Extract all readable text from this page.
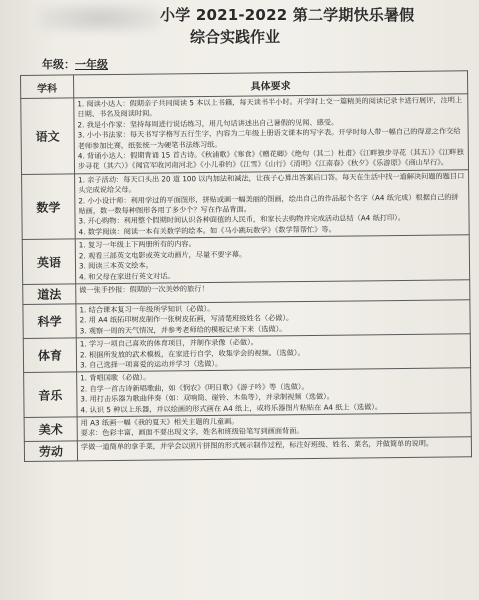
小学 2021-2022 第二学期快乐暑假
综合实践作业
年级：一年级
学科	具体要求
语文	1. 阅读小达人：假期亲子共同阅读 5 本以上书籍，每天读书半小时。开学时上交一篇精美的阅读记录卡进行展评，注明上日期、书名及阅读时间。

2. 我是小作家：坚持每周进行说话练习，用几句话讲述出自己暑假的见闻、感受。

3. 小小书法家：每天书写字格写五行生字，内容为二年级上册语文课本的写字表。开学时每人带一幅自己的得意之作交给老师参加比赛，纸张统一为硬笔书法练习纸。

4. 背诵小达人：假期背诵 15 首古诗。《秋浦歌》《寒食》《赠花卿》《绝句（其二）杜甫》《江畔独步寻花（其五）》《江畔独步寻花（其六）》《闻官军收河南河北》《小儿垂钓》《江雪》《山行》《清明》《江南春》《秋夕》《乐游原》《商山早行》。

数学	1. 亲子活动：每天口头出 20 道 100 以内加法和减法，让孩子心算出答案后口答。每天在生活中找一道解决问题的题目口头完成说给父母。

2. 小小设计师：利用学过的平面图形，拼贴或画一幅美丽的图画，绘出自己的作品起个名字（A4 纸完成）根据自己的拼贴画，数一数每种图形各用了多少个？写在作品背面。

3. 开心购物：利用整个假期时间认识各种面值的人民币，和家长去购物并完成活动总结（A4 纸打印）。

4. 数学阅读：阅读一本有关数学的绘本。如《马小跳玩数学》《数学帮帮忙》等。

英语	1. 复习一年级上下两册所有的内容。

2. 观看三部英文电影或英文动画片，尽量不要字幕。

3. 阅读三本英文绘本。

4. 和父母在家进行英文对话。

道法	做一张手抄报：假期的一次美妙的旅行！

科学	1. 结合课本复习一年级所学知识（必做）。

2. 用 A4 纸拓印树皮制作一张树皮拓画，写清楚班级姓名（必做）。

3. 观察一周的天气情况，并参考老师给的模板记录下来（选做）。

体育	1. 学习一项自己喜欢的体育项目，并制作录像（必做）。

2. 根据所发放的武术模板，在家进行自学，收集学会的视频。（选做）。

3. 自己选择一项喜爱的运动并学习（选做）。

音乐	1. 背唱国歌（必做）。

2. 自学一首古诗新唱歌曲，如《悯农》《明日歌》《游子吟》等（选做）。

3. 用打击乐器为歌曲伴奏（如：双响筒、碰铃、木鱼等），并录制视频（选做）。

4. 认识 5 种以上乐器，并以绘画的形式画在 A4 纸上，或将乐器图片粘贴在 A4 纸上（选做）。

美术	用 A3 纸画一幅《我的夏天》相关主题的儿童画。

要求：色彩丰富，画面不要出现文字，姓名和班级铅笔写到画面背面。

劳动	学做一道简单的拿手菜，并学会以照片拼图的形式展示制作过程，标注好班级、姓名、菜名，并做简单的说明。
